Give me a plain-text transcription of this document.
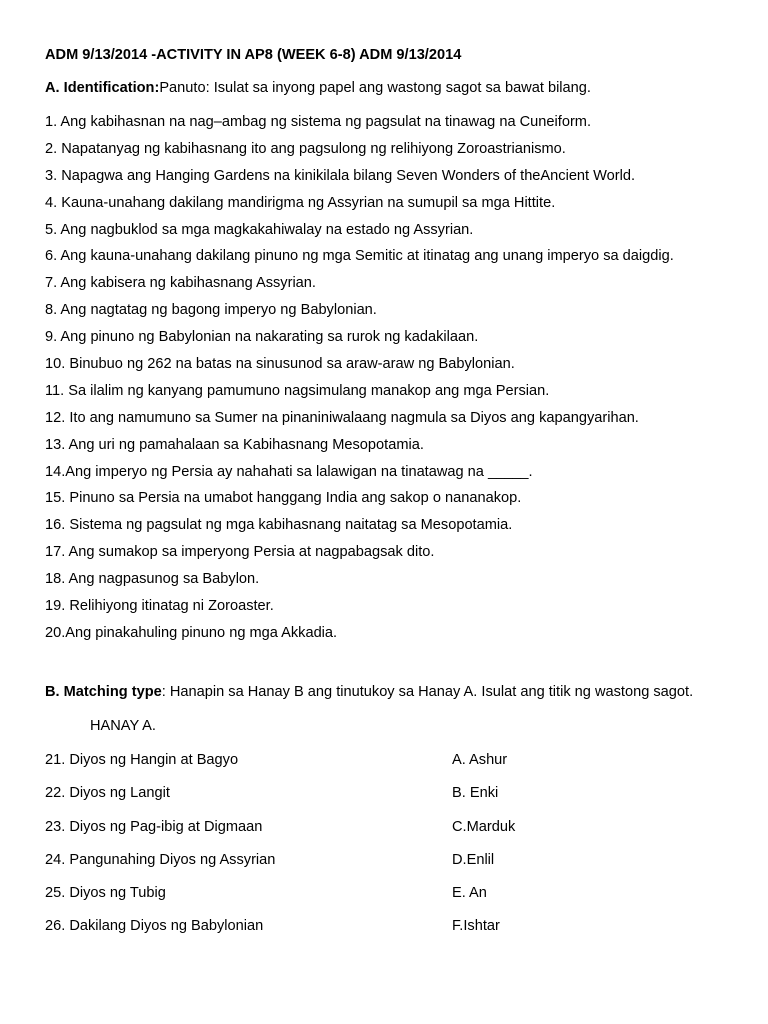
ADM 9/13/2014 -ACTIVITY IN AP8 (WEEK 6-8) ADM 9/13/2014
A. Identification:Panuto: Isulat sa inyong papel ang wastong sagot sa bawat bilang.
1. Ang kabihasnan na nag–ambag ng sistema ng pagsulat na tinawag na Cuneiform.
2. Napatanyag ng kabihasnang ito ang pagsulong ng relihiyong Zoroastrianismo.
3. Napagwa ang Hanging Gardens na kinikilala bilang Seven Wonders of theAncient World.
4. Kauna-unahang dakilang mandirigma ng Assyrian na sumupil sa mga Hittite.
5. Ang nagbuklod sa mga magkakahiwalay na estado ng Assyrian.
6. Ang kauna-unahang dakilang pinuno ng mga Semitic at itinatag ang unang imperyo sa daigdig.
7. Ang kabisera ng kabihasnang Assyrian.
8. Ang nagtatag ng bagong imperyo ng Babylonian.
9. Ang pinuno ng Babylonian na nakarating sa rurok ng kadakilaan.
10. Binubuo ng 262 na batas na sinusunod sa araw-araw ng Babylonian.
11. Sa ilalim ng kanyang pamumuno nagsimulang manakop ang mga Persian.
12. Ito ang namumuno sa Sumer na pinaniniwalaang nagmula sa Diyos ang kapangyarihan.
13. Ang uri ng pamahalaan sa Kabihasnang Mesopotamia.
14.Ang imperyo ng Persia ay nahahati sa lalawigan na tinatawag na _____.
15. Pinuno sa Persia na umabot hanggang India ang sakop o nananakop.
16. Sistema ng pagsulat ng mga kabihasnang naitatag sa Mesopotamia.
17. Ang sumakop sa imperyong Persia at nagpabagsak dito.
18. Ang nagpasunog sa Babylon.
19. Relihiyong itinatag ni Zoroaster.
20.Ang pinakahuling pinuno ng mga Akkadia.
B. Matching type: Hanapin sa Hanay B ang tinutukoy sa Hanay A. Isulat ang titik ng wastong sagot.
HANAY A.
21. Diyos ng Hangin at Bagyo	A. Ashur
22. Diyos ng Langit	B. Enki
23. Diyos ng Pag-ibig at Digmaan	C.Marduk
24. Pangunahing Diyos ng Assyrian	D.Enlil
25. Diyos ng Tubig	E. An
26. Dakilang Diyos ng Babylonian	F.Ishtar
